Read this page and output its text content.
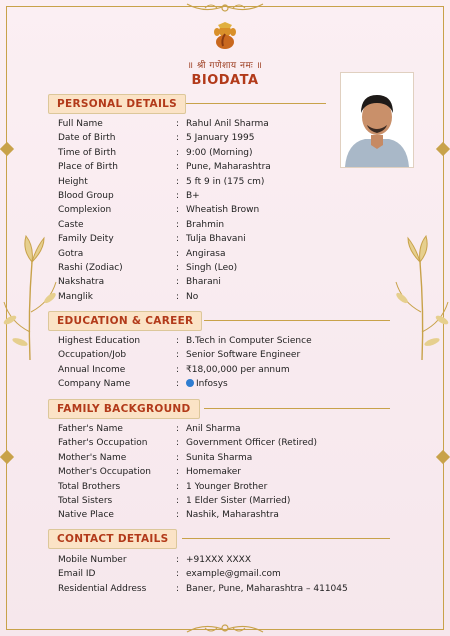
॥ श्री गणेशाय नमः ॥
BIODATA
PERSONAL DETAILS
EDUCATION & CAREER
FAMILY BACKGROUND
CONTACT DETAILS
Full Name	: Rahul Anil Sharma
Date of Birth	: 5 January 1995
Time of Birth	: 9:00 (Morning)
Place of Birth	: Pune, Maharashtra
Height	: 5 ft 9 in (175 cm)
Blood Group	: B+
Complexion	: Wheatish Brown
Caste	: Brahmin
Family Deity	: Tulja Bhavani
Gotra	: Angirasa
Rashi (Zodiac)	: Singh (Leo)
Nakshatra	: Bharani
Manglik	: No
Highest Education	: B.Tech in Computer Science
Occupation/Job	: Senior Software Engineer
Annual Income	: ₹18,00,000 per annum
Company Name	:	Infosys
Father's Name	: Anil Sharma
Father's Occupation	: Government Officer (Retired)
Mother's Name	: Sunita Sharma
Mother's Occupation	: Homemaker
Total Brothers	: 1 Younger Brother
Total Sisters	: 1 Elder Sister (Married)
Native Place	: Nashik, Maharashtra
Mobile Number	: +91XXX XXXX
Email ID	: example@gmail.com
Residential Address	: Baner, Pune, Maharashtra – 411045
